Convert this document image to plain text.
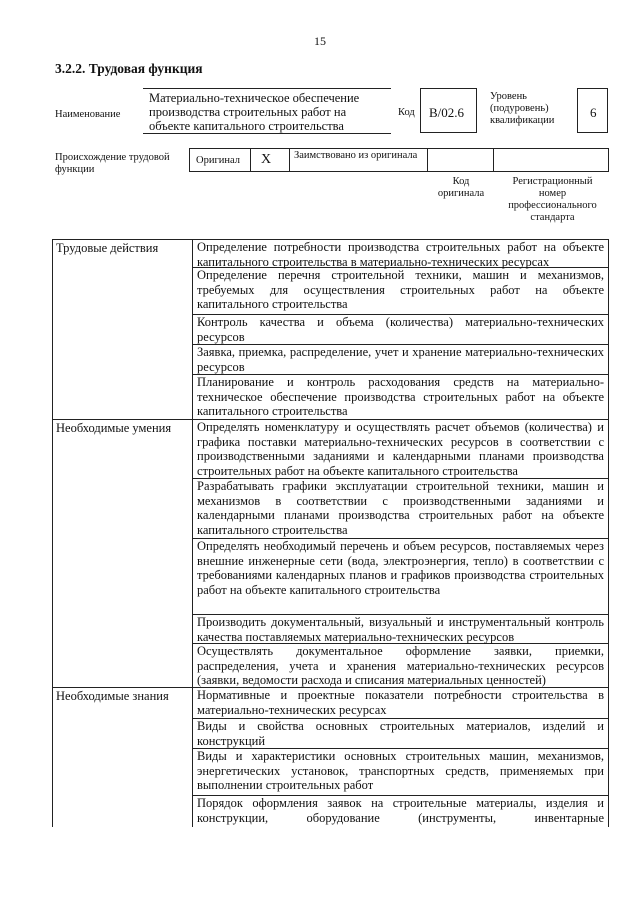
15
3.2.2. Трудовая функция
Наименование
Материально-техническое обеспечение производства строительных работ на объекте капитального строительства
Код	B/02.6
Уровень (подуровень) квалификации
6
Происхождение трудовой функции
Оригинал X Заимствовано из оригинала
Код оригинала
Регистрационный номер профессионального стандарта
Трудовые действия
Необходимые умения
Необходимые знания
Определение потребности производства строительных работ на объекте капитального строительства в материально-технических ресурсах
Определение перечня строительной техники, машин и механизмов, требуемых для осуществления строительных работ на объекте капитального строительства
Контроль качества и объема (количества) материально-технических ресурсов
Заявка, приемка, распределение, учет и хранение материально-технических ресурсов
Планирование и контроль расходования средств на материально-техническое обеспечение производства строительных работ на объекте капитального строительства
Определять номенклатуру и осуществлять расчет объемов (количества) и графика поставки материально-технических ресурсов в соответствии с производственными заданиями и календарными планами производства строительных работ на объекте капитального строительства
Разрабатывать графики эксплуатации строительной техники, машин и механизмов в соответствии с производственными заданиями и календарными планами производства строительных работ на объекте капитального строительства
Определять необходимый перечень и объем ресурсов, поставляемых через внешние инженерные сети (вода, электроэнергия, тепло) в соответствии с требованиями календарных планов и графиков производства строительных работ на объекте капитального строительства
Производить документальный, визуальный и инструментальный контроль качества поставляемых материально-технических ресурсов
Осуществлять документальное оформление заявки, приемки, распределения, учета и хранения материально-технических ресурсов (заявки, ведомости расхода и списания материальных ценностей)
Нормативные и проектные показатели потребности строительства в материально-технических ресурсах
Виды и свойства основных строительных материалов, изделий и конструкций
Виды и характеристики основных строительных машин, механизмов, энергетических установок, транспортных средств, применяемых при выполнении строительных работ
Порядок оформления заявок на строительные материалы, изделия и конструкции, оборудование (инструменты, инвентарные
